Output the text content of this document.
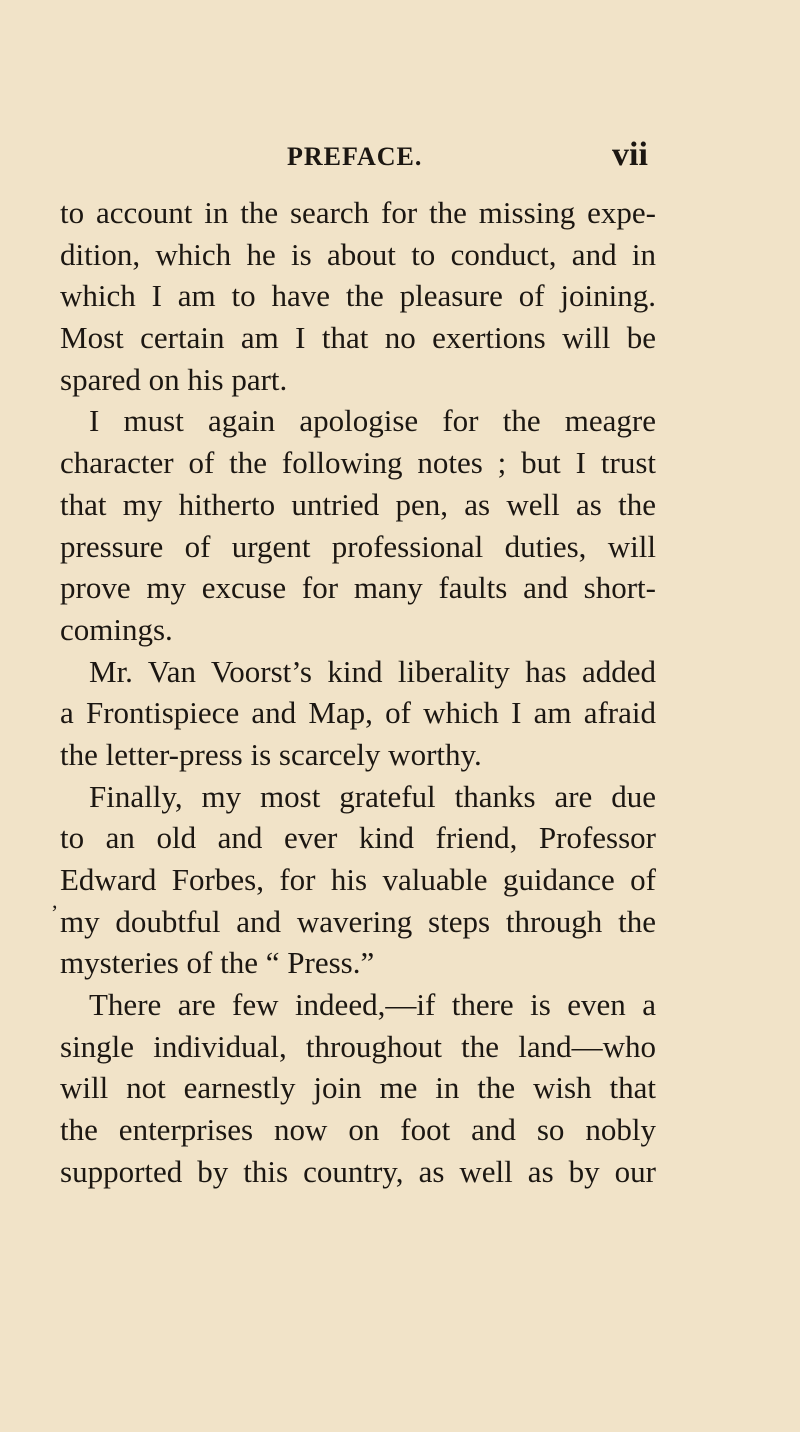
PREFACE.	vii
,
to account in the search for the missing expe-
dition, which he is about to conduct, and in
which I am to have the pleasure of joining.
Most certain am I that no exertions will be
spared on his part.
I must again apologise for the meagre
character of the following notes ; but I trust
that my hitherto untried pen, as well as the
pressure of urgent professional duties, will
prove my excuse for many faults and short-
comings.
Mr. Van Voorst’s kind liberality has added
a Frontispiece and Map, of which I am afraid
the letter-press is scarcely worthy.
Finally, my most grateful thanks are due
to an old and ever kind friend, Professor
Edward Forbes, for his valuable guidance of
my doubtful and wavering steps through the
mysteries of the “ Press.”
There are few indeed,—if there is even a
single individual, throughout the land—who
will not earnestly join me in the wish that
the enterprises now on foot and so nobly
supported by this country, as well as by our
